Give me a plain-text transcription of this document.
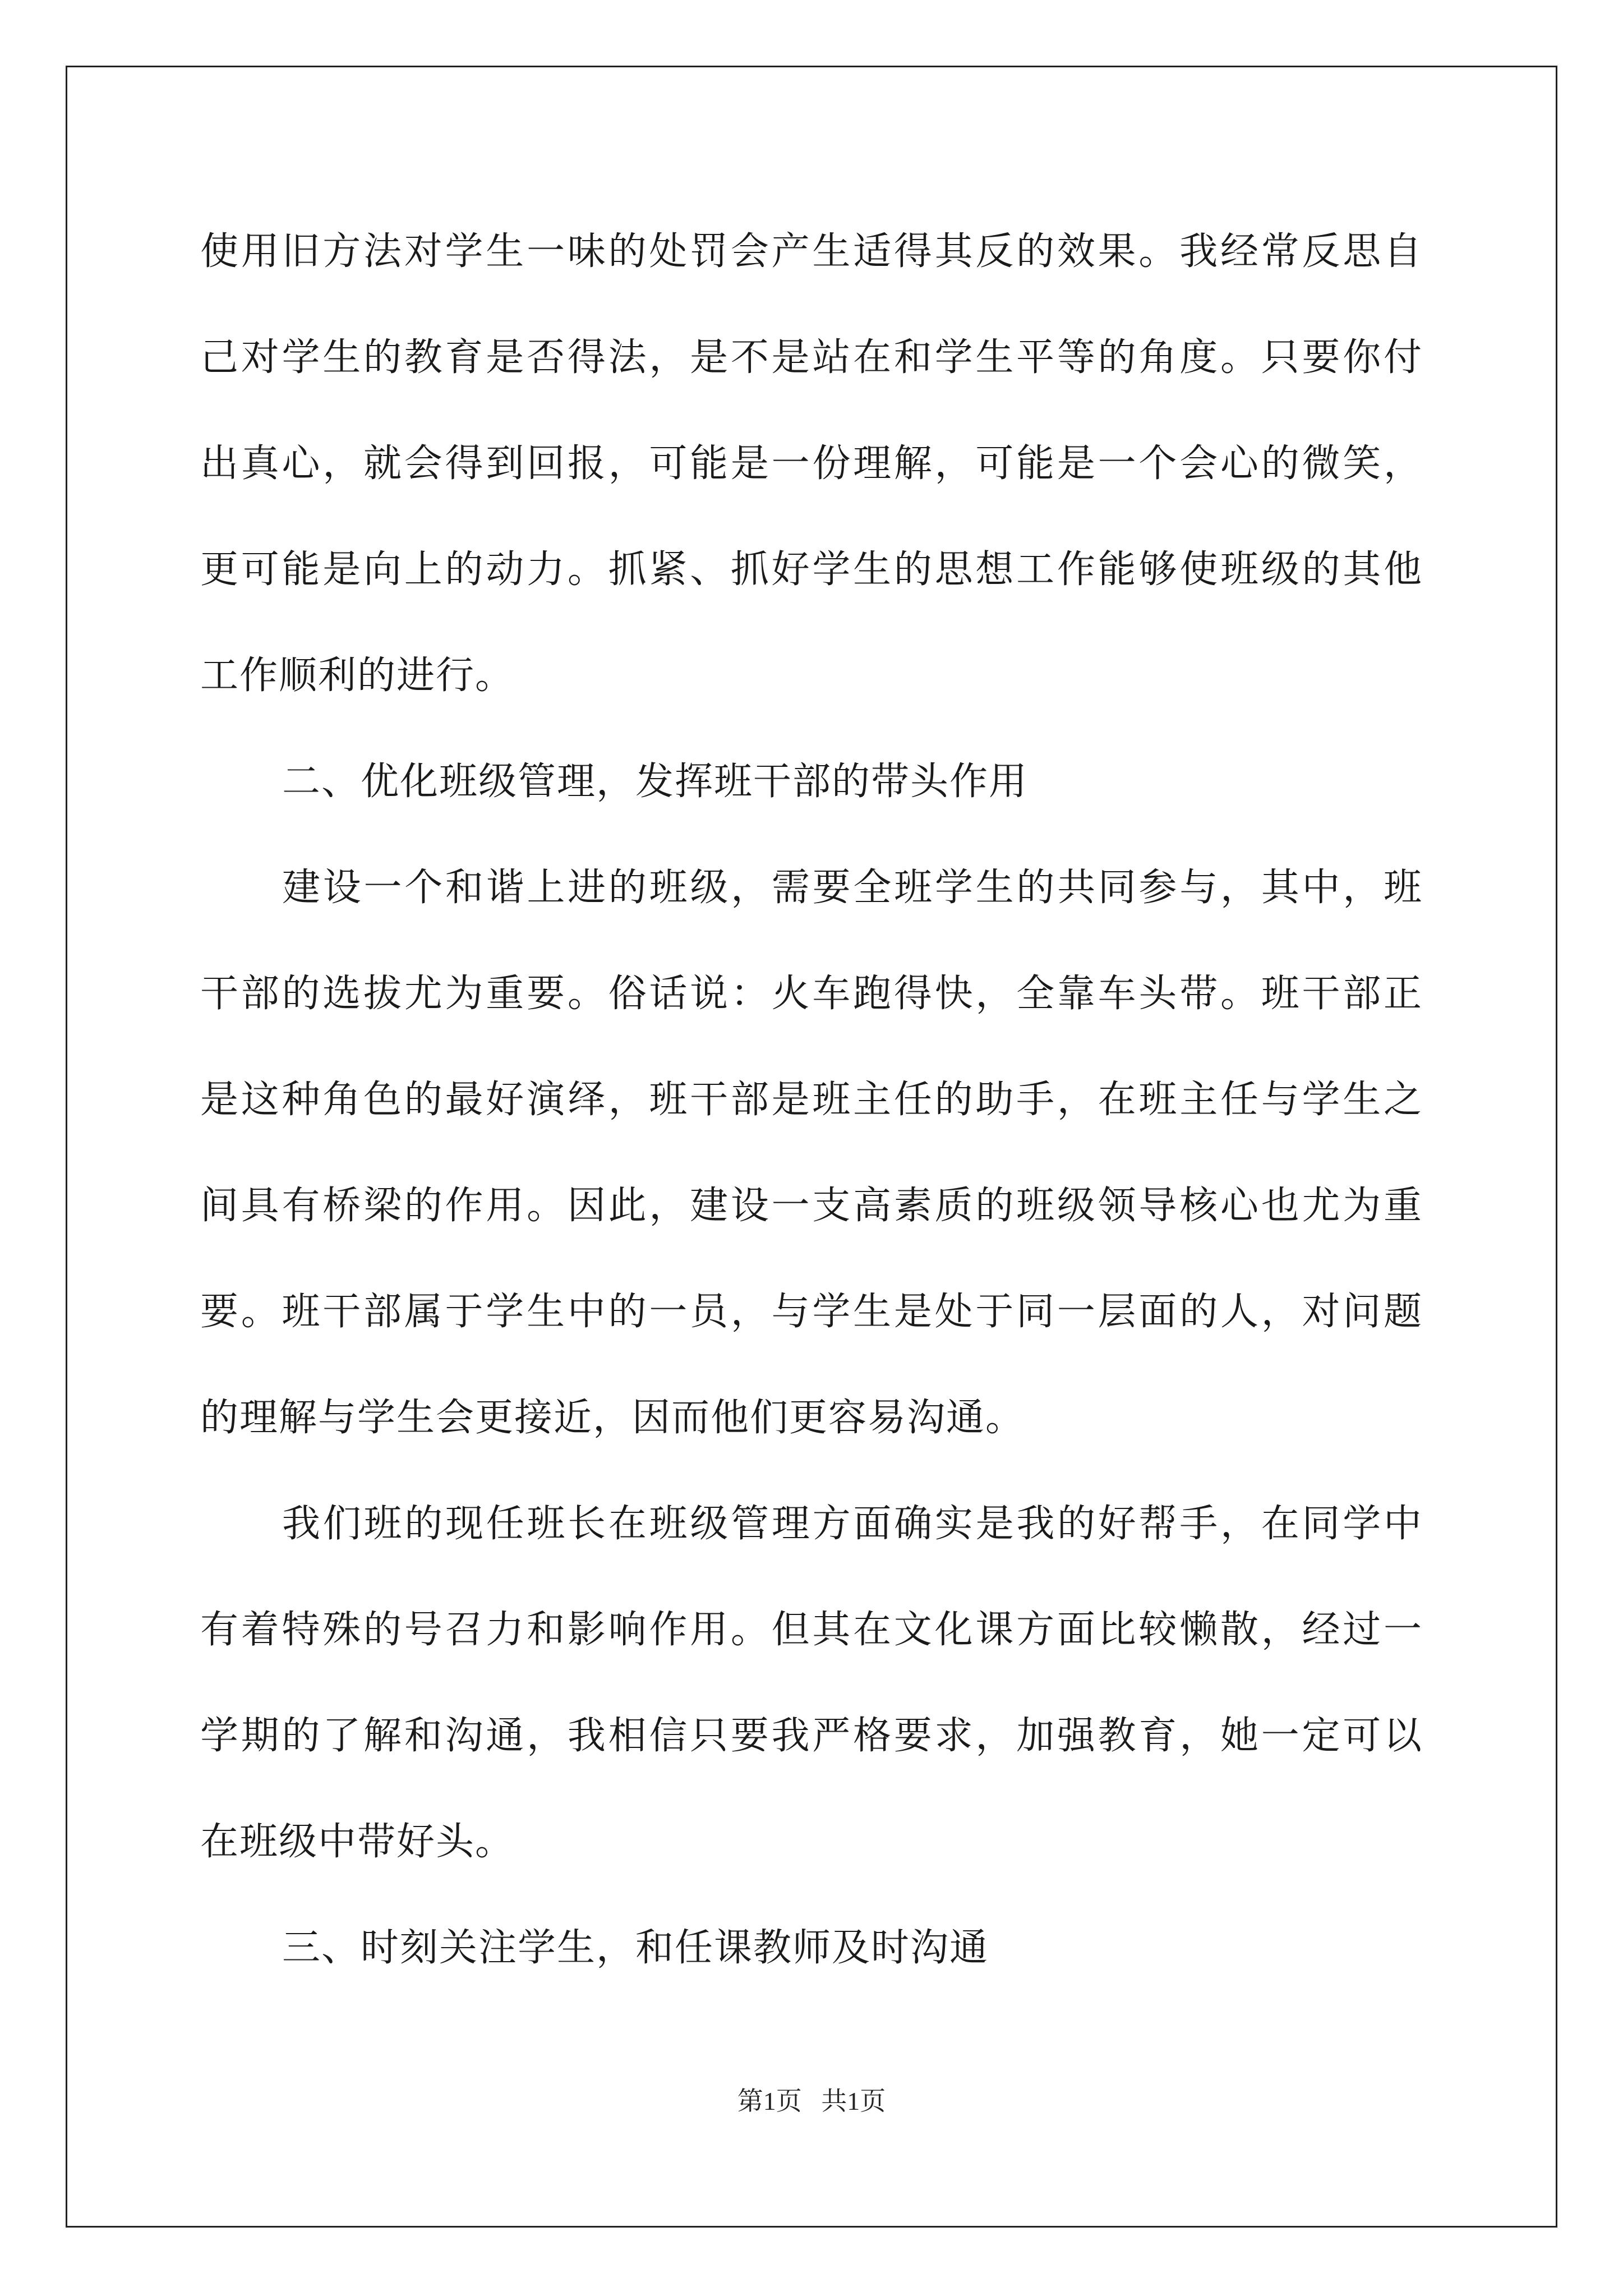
使用旧方法对学生一味的处罚会产生适得其反的效果。我经常反思自
己对学生的教育是否得法，是不是站在和学生平等的角度。只要你付
出真心，就会得到回报，可能是一份理解，可能是一个会心的微笑，
更可能是向上的动力。抓紧、抓好学生的思想工作能够使班级的其他
工作顺利的进行。
二、优化班级管理，发挥班干部的带头作用
建设一个和谐上进的班级，需要全班学生的共同参与，其中，班
干部的选拔尤为重要。俗话说：火车跑得快，全靠车头带。班干部正
是这种角色的最好演绎，班干部是班主任的助手，在班主任与学生之
间具有桥梁的作用。因此，建设一支高素质的班级领导核心也尤为重
要。班干部属于学生中的一员，与学生是处于同一层面的人，对问题
的理解与学生会更接近，因而他们更容易沟通。
我们班的现任班长在班级管理方面确实是我的好帮手，在同学中
有着特殊的号召力和影响作用。但其在文化课方面比较懒散，经过一
学期的了解和沟通，我相信只要我严格要求，加强教育，她一定可以
在班级中带好头。
三、时刻关注学生，和任课教师及时沟通
第1页   共1页
